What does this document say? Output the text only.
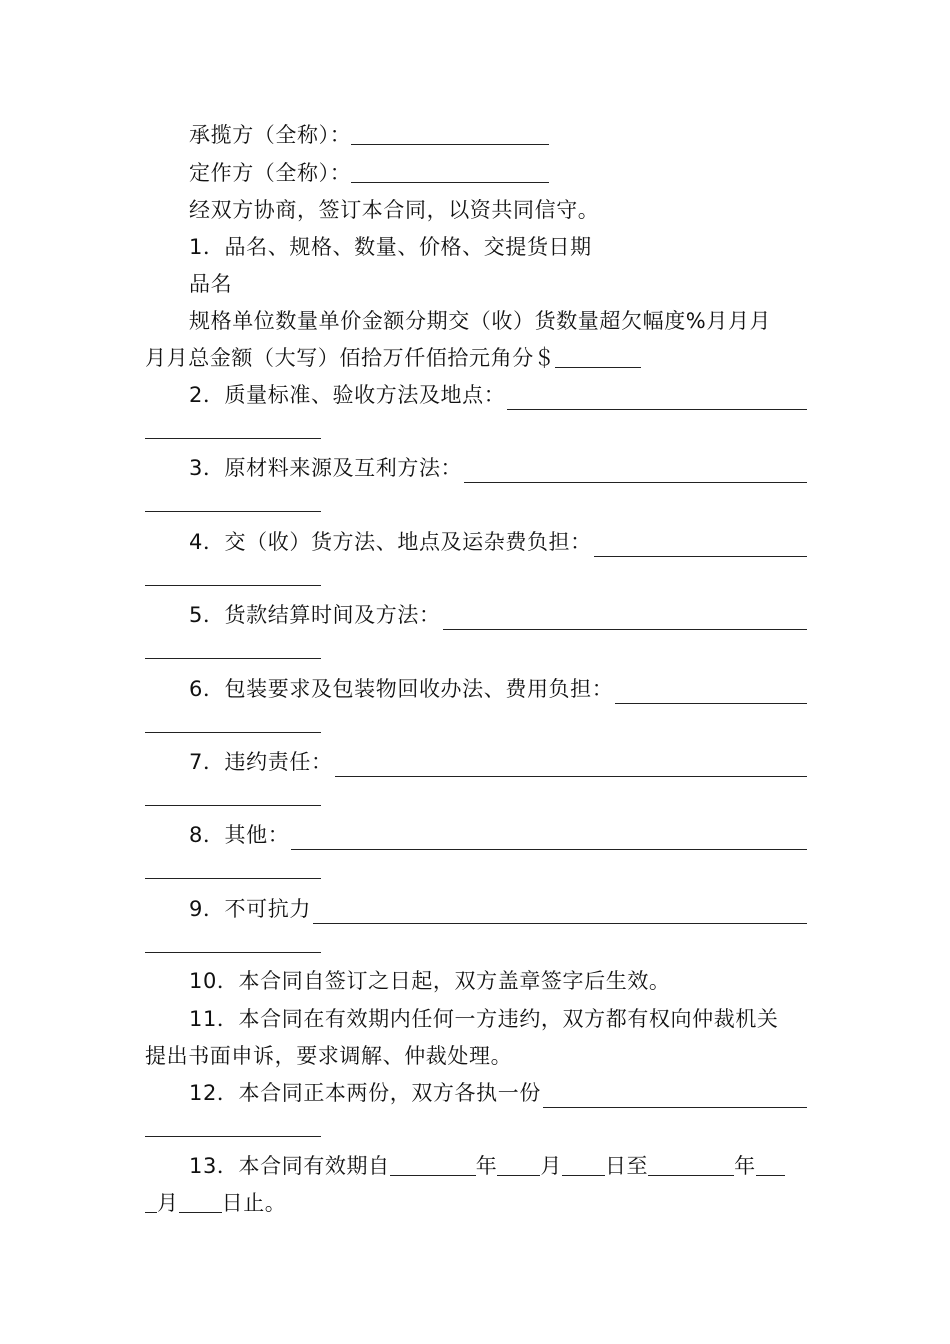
承揽方（全称）：
定作方（全称）：
经双方协商，签订本合同，以资共同信守。
1．品名、规格、数量、价格、交提货日期
品名
规格单位数量单价金额分期交（收）货数量超欠幅度%月月月
月月总金额（大写）佰拾万仟佰拾元角分＄
2．质量标准、验收方法及地点：
3．原材料来源及互利方法：
4．交（收）货方法、地点及运杂费负担：
5．货款结算时间及方法：
6．包装要求及包装物回收办法、费用负担：
7．违约责任：
8．其他：
9．不可抗力
10．本合同自签订之日起，双方盖章签字后生效。
11．本合同在有效期内任何一方违约，双方都有权向仲裁机关
提出书面申诉，要求调解、仲裁处理。
12．本合同正本两份，双方各执一份
13．本合同有效期自	年 月 日至	年
月 日止。
